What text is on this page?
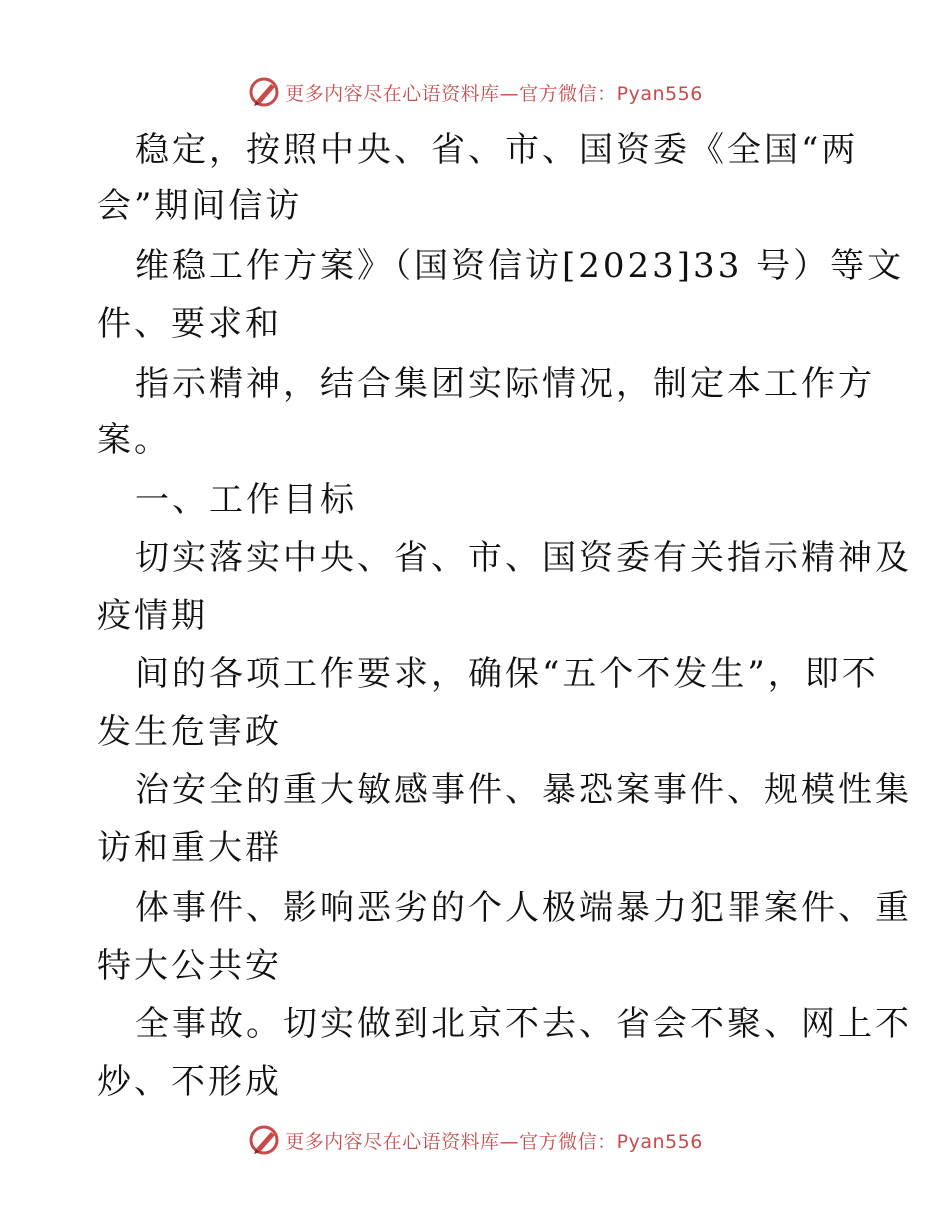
更多内容尽在心语资料库—官方微信：Pyan556
稳定，按照中央、省、市、国资委《全国“两
会”期间信访
维稳工作方案》（国资信访[2023]33 号）等文
件、要求和
指示精神，结合集团实际情况，制定本工作方
案。
一、工作目标
切实落实中央、省、市、国资委有关指示精神及
疫情期
间的各项工作要求，确保“五个不发生”，即不
发生危害政
治安全的重大敏感事件、暴恐案事件、规模性集
访和重大群
体事件、影响恶劣的个人极端暴力犯罪案件、重
特大公共安
全事故。切实做到北京不去、省会不聚、网上不
炒、不形成
更多内容尽在心语资料库—官方微信：Pyan556
